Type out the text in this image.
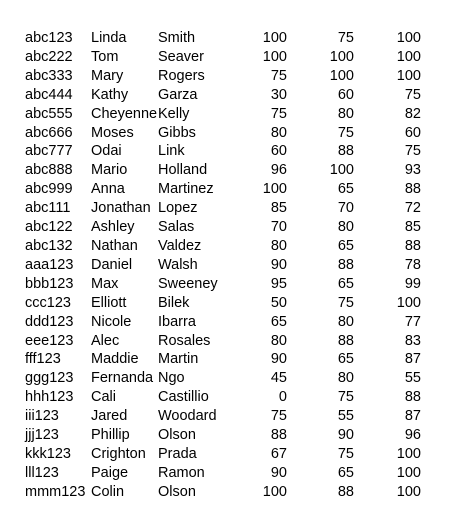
abc123	Linda	Smith	100	75	100	
abc222	Tom	Seaver	100	100	100	
abc333	Mary	Rogers	75	100	100	
abc444	Kathy	Garza	30	60	75	
abc555	Cheyenne	Kelly	75	80	82	
abc666	Moses	Gibbs	80	75	60	
abc777	Odai	Link	60	88	75	
abc888	Mario	Holland	96	100	93	
abc999	Anna	Martinez	100	65	88	
abc111	Jonathan	Lopez	85	70	72	
abc122	Ashley	Salas	70	80	85	
abc132	Nathan	Valdez	80	65	88	
aaa123	Daniel	Walsh	90	88	78	
bbb123	Max	Sweeney	95	65	99	
ccc123	Elliott	Bilek	50	75	100	
ddd123	Nicole	Ibarra	65	80	77	
eee123	Alec	Rosales	80	88	83	
fff123	Maddie	Martin	90	65	87	
ggg123	Fernanda	Ngo	45	80	55	
hhh123	Cali	Castillio	0	75	88	
iii123	Jared	Woodard	75	55	87	
jjj123	Phillip	Olson	88	90	96	
kkk123	Crighton	Prada	67	75	100	
lll123	Paige	Ramon	90	65	100	
mmm123	Colin	Olson	100	88	100	
